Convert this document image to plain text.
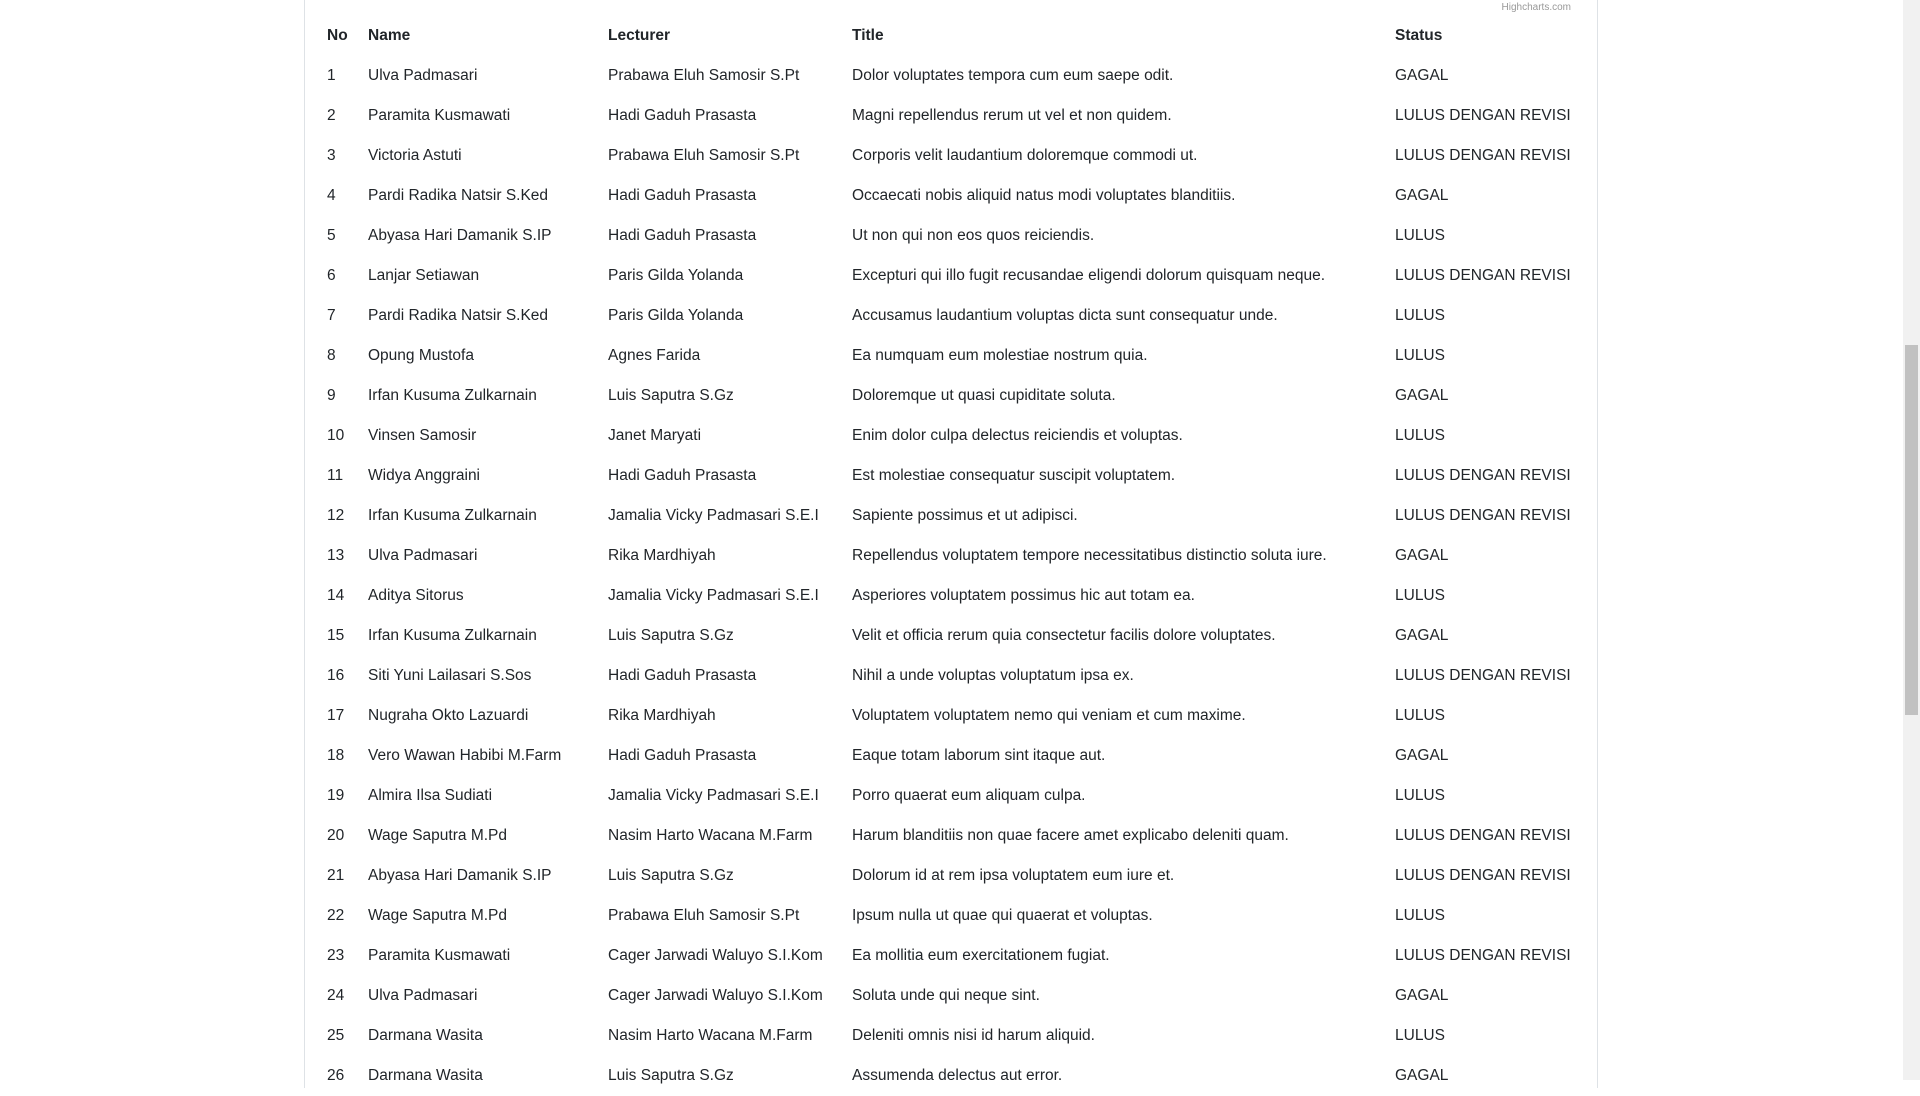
Highcharts.com
No	Name	Lecturer	Title	Status
1	Ulva Padmasari	Prabawa Eluh Samosir S.Pt	Dolor voluptates tempora cum eum saepe odit.	GAGAL
2	Paramita Kusmawati	Hadi Gaduh Prasasta	Magni repellendus rerum ut vel et non quidem.	LULUS DENGAN REVISI
3	Victoria Astuti	Prabawa Eluh Samosir S.Pt	Corporis velit laudantium doloremque commodi ut.	LULUS DENGAN REVISI
4	Pardi Radika Natsir S.Ked	Hadi Gaduh Prasasta	Occaecati nobis aliquid natus modi voluptates blanditiis.	GAGAL
5	Abyasa Hari Damanik S.IP	Hadi Gaduh Prasasta	Ut non qui non eos quos reiciendis.	LULUS
6	Lanjar Setiawan	Paris Gilda Yolanda	Excepturi qui illo fugit recusandae eligendi dolorum quisquam neque.	LULUS DENGAN REVISI
7	Pardi Radika Natsir S.Ked	Paris Gilda Yolanda	Accusamus laudantium voluptas dicta sunt consequatur unde.	LULUS
8	Opung Mustofa	Agnes Farida	Ea numquam eum molestiae nostrum quia.	LULUS
9	Irfan Kusuma Zulkarnain	Luis Saputra S.Gz	Doloremque ut quasi cupiditate soluta.	GAGAL
10	Vinsen Samosir	Janet Maryati	Enim dolor culpa delectus reiciendis et voluptas.	LULUS
11	Widya Anggraini	Hadi Gaduh Prasasta	Est molestiae consequatur suscipit voluptatem.	LULUS DENGAN REVISI
12	Irfan Kusuma Zulkarnain	Jamalia Vicky Padmasari S.E.I	Sapiente possimus et ut adipisci.	LULUS DENGAN REVISI
13	Ulva Padmasari	Rika Mardhiyah	Repellendus voluptatem tempore necessitatibus distinctio soluta iure.	GAGAL
14	Aditya Sitorus	Jamalia Vicky Padmasari S.E.I	Asperiores voluptatem possimus hic aut totam ea.	LULUS
15	Irfan Kusuma Zulkarnain	Luis Saputra S.Gz	Velit et officia rerum quia consectetur facilis dolore voluptates.	GAGAL
16	Siti Yuni Lailasari S.Sos	Hadi Gaduh Prasasta	Nihil a unde voluptas voluptatum ipsa ex.	LULUS DENGAN REVISI
17	Nugraha Okto Lazuardi	Rika Mardhiyah	Voluptatem voluptatem nemo qui veniam et cum maxime.	LULUS
18	Vero Wawan Habibi M.Farm	Hadi Gaduh Prasasta	Eaque totam laborum sint itaque aut.	GAGAL
19	Almira Ilsa Sudiati	Jamalia Vicky Padmasari S.E.I	Porro quaerat eum aliquam culpa.	LULUS
20	Wage Saputra M.Pd	Nasim Harto Wacana M.Farm	Harum blanditiis non quae facere amet explicabo deleniti quam.	LULUS DENGAN REVISI
21	Abyasa Hari Damanik S.IP	Luis Saputra S.Gz	Dolorum id at rem ipsa voluptatem eum iure et.	LULUS DENGAN REVISI
22	Wage Saputra M.Pd	Prabawa Eluh Samosir S.Pt	Ipsum nulla ut quae qui quaerat et voluptas.	LULUS
23	Paramita Kusmawati	Cager Jarwadi Waluyo S.I.Kom	Ea mollitia eum exercitationem fugiat.	LULUS DENGAN REVISI
24	Ulva Padmasari	Cager Jarwadi Waluyo S.I.Kom	Soluta unde qui neque sint.	GAGAL
25	Darmana Wasita	Nasim Harto Wacana M.Farm	Deleniti omnis nisi id harum aliquid.	LULUS
26	Darmana Wasita	Luis Saputra S.Gz	Assumenda delectus aut error.	GAGAL
